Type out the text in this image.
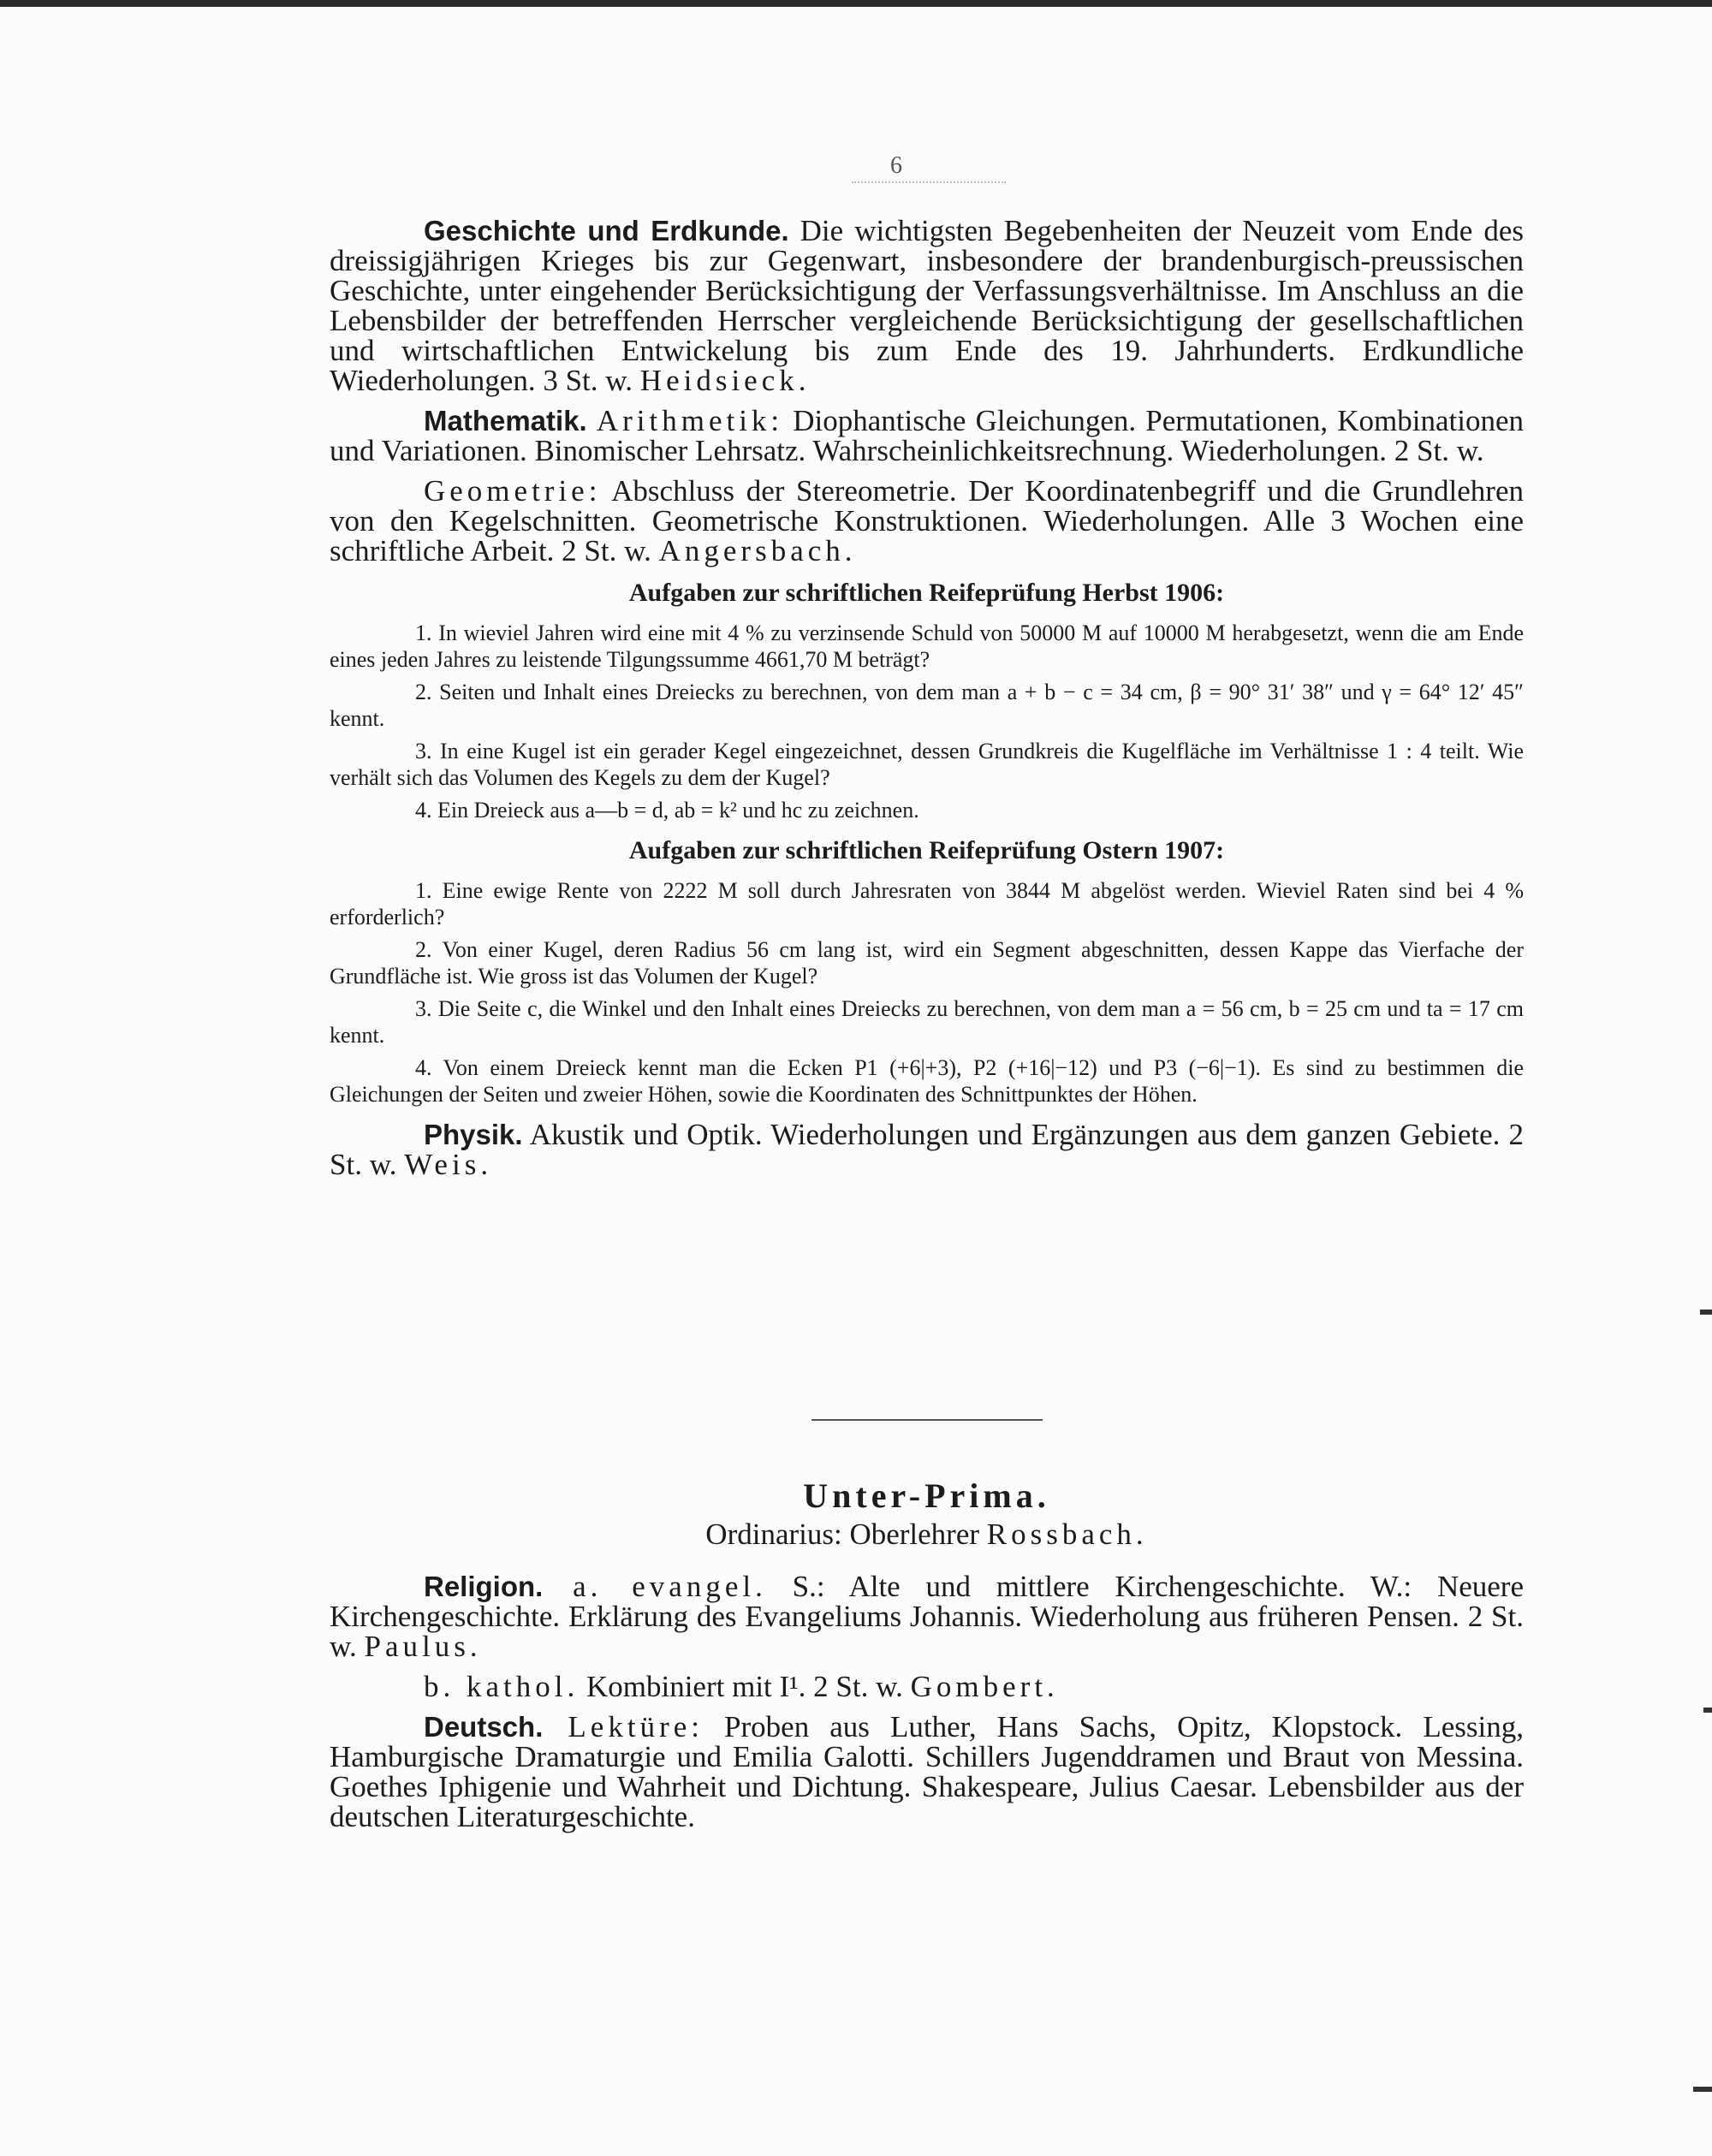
6

Geschichte und Erdkunde. Die wichtigsten Begebenheiten der Neuzeit vom Ende des dreissigjährigen Krieges bis zur Gegenwart, insbesondere der brandenburgisch-preussischen Geschichte, unter eingehender Berücksichtigung der Verfassungsverhältnisse. Im Anschluss an die Lebensbilder der betreffenden Herrscher vergleichende Berücksichtigung der gesellschaftlichen und wirtschaftlichen Entwickelung bis zum Ende des 19. Jahrhunderts. Erdkundliche Wiederholungen. 3 St. w. Heidsieck.

Mathematik. Arithmetik: Diophantische Gleichungen. Permutationen, Kombinationen und Variationen. Binomischer Lehrsatz. Wahrscheinlichkeitsrechnung. Wiederholungen. 2 St. w.

Geometrie: Abschluss der Stereometrie. Der Koordinatenbegriff und die Grundlehren von den Kegelschnitten. Geometrische Konstruktionen. Wiederholungen. Alle 3 Wochen eine schriftliche Arbeit. 2 St. w. Angersbach.

Aufgaben zur schriftlichen Reifeprüfung Herbst 1906:

1. In wieviel Jahren wird eine mit 4 % zu verzinsende Schuld von 50000 M auf 10000 M herabgesetzt, wenn die am Ende eines jeden Jahres zu leistende Tilgungssumme 4661,70 M beträgt?

2. Seiten und Inhalt eines Dreiecks zu berechnen, von dem man a + b − c = 34 cm, β = 90° 31′ 38″ und γ = 64° 12′ 45″ kennt.

3. In eine Kugel ist ein gerader Kegel eingezeichnet, dessen Grundkreis die Kugelfläche im Verhältnisse 1 : 4 teilt. Wie verhält sich das Volumen des Kegels zu dem der Kugel?

4. Ein Dreieck aus a—b = d, ab = k² und hc zu zeichnen.

Aufgaben zur schriftlichen Reifeprüfung Ostern 1907:

1. Eine ewige Rente von 2222 M soll durch Jahresraten von 3844 M abgelöst werden. Wieviel Raten sind bei 4 % erforderlich?

2. Von einer Kugel, deren Radius 56 cm lang ist, wird ein Segment abgeschnitten, dessen Kappe das Vierfache der Grundfläche ist. Wie gross ist das Volumen der Kugel?

3. Die Seite c, die Winkel und den Inhalt eines Dreiecks zu berechnen, von dem man a = 56 cm, b = 25 cm und ta = 17 cm kennt.

4. Von einem Dreieck kennt man die Ecken P1 (+6|+3), P2 (+16|−12) und P3 (−6|−1). Es sind zu bestimmen die Gleichungen der Seiten und zweier Höhen, sowie die Koordinaten des Schnittpunktes der Höhen.

Physik. Akustik und Optik. Wiederholungen und Ergänzungen aus dem ganzen Gebiete. 2 St. w. Weis.

Unter-Prima.
Ordinarius: Oberlehrer Rossbach.

Religion. a. evangel. S.: Alte und mittlere Kirchengeschichte. W.: Neuere Kirchengeschichte. Erklärung des Evangeliums Johannis. Wiederholung aus früheren Pensen. 2 St. w. Paulus.

b. kathol. Kombiniert mit I¹. 2 St. w. Gombert.

Deutsch. Lektüre: Proben aus Luther, Hans Sachs, Opitz, Klopstock. Lessing, Hamburgische Dramaturgie und Emilia Galotti. Schillers Jugenddramen und Braut von Messina. Goethes Iphigenie und Wahrheit und Dichtung. Shakespeare, Julius Caesar. Lebensbilder aus der deutschen Literaturgeschichte.
